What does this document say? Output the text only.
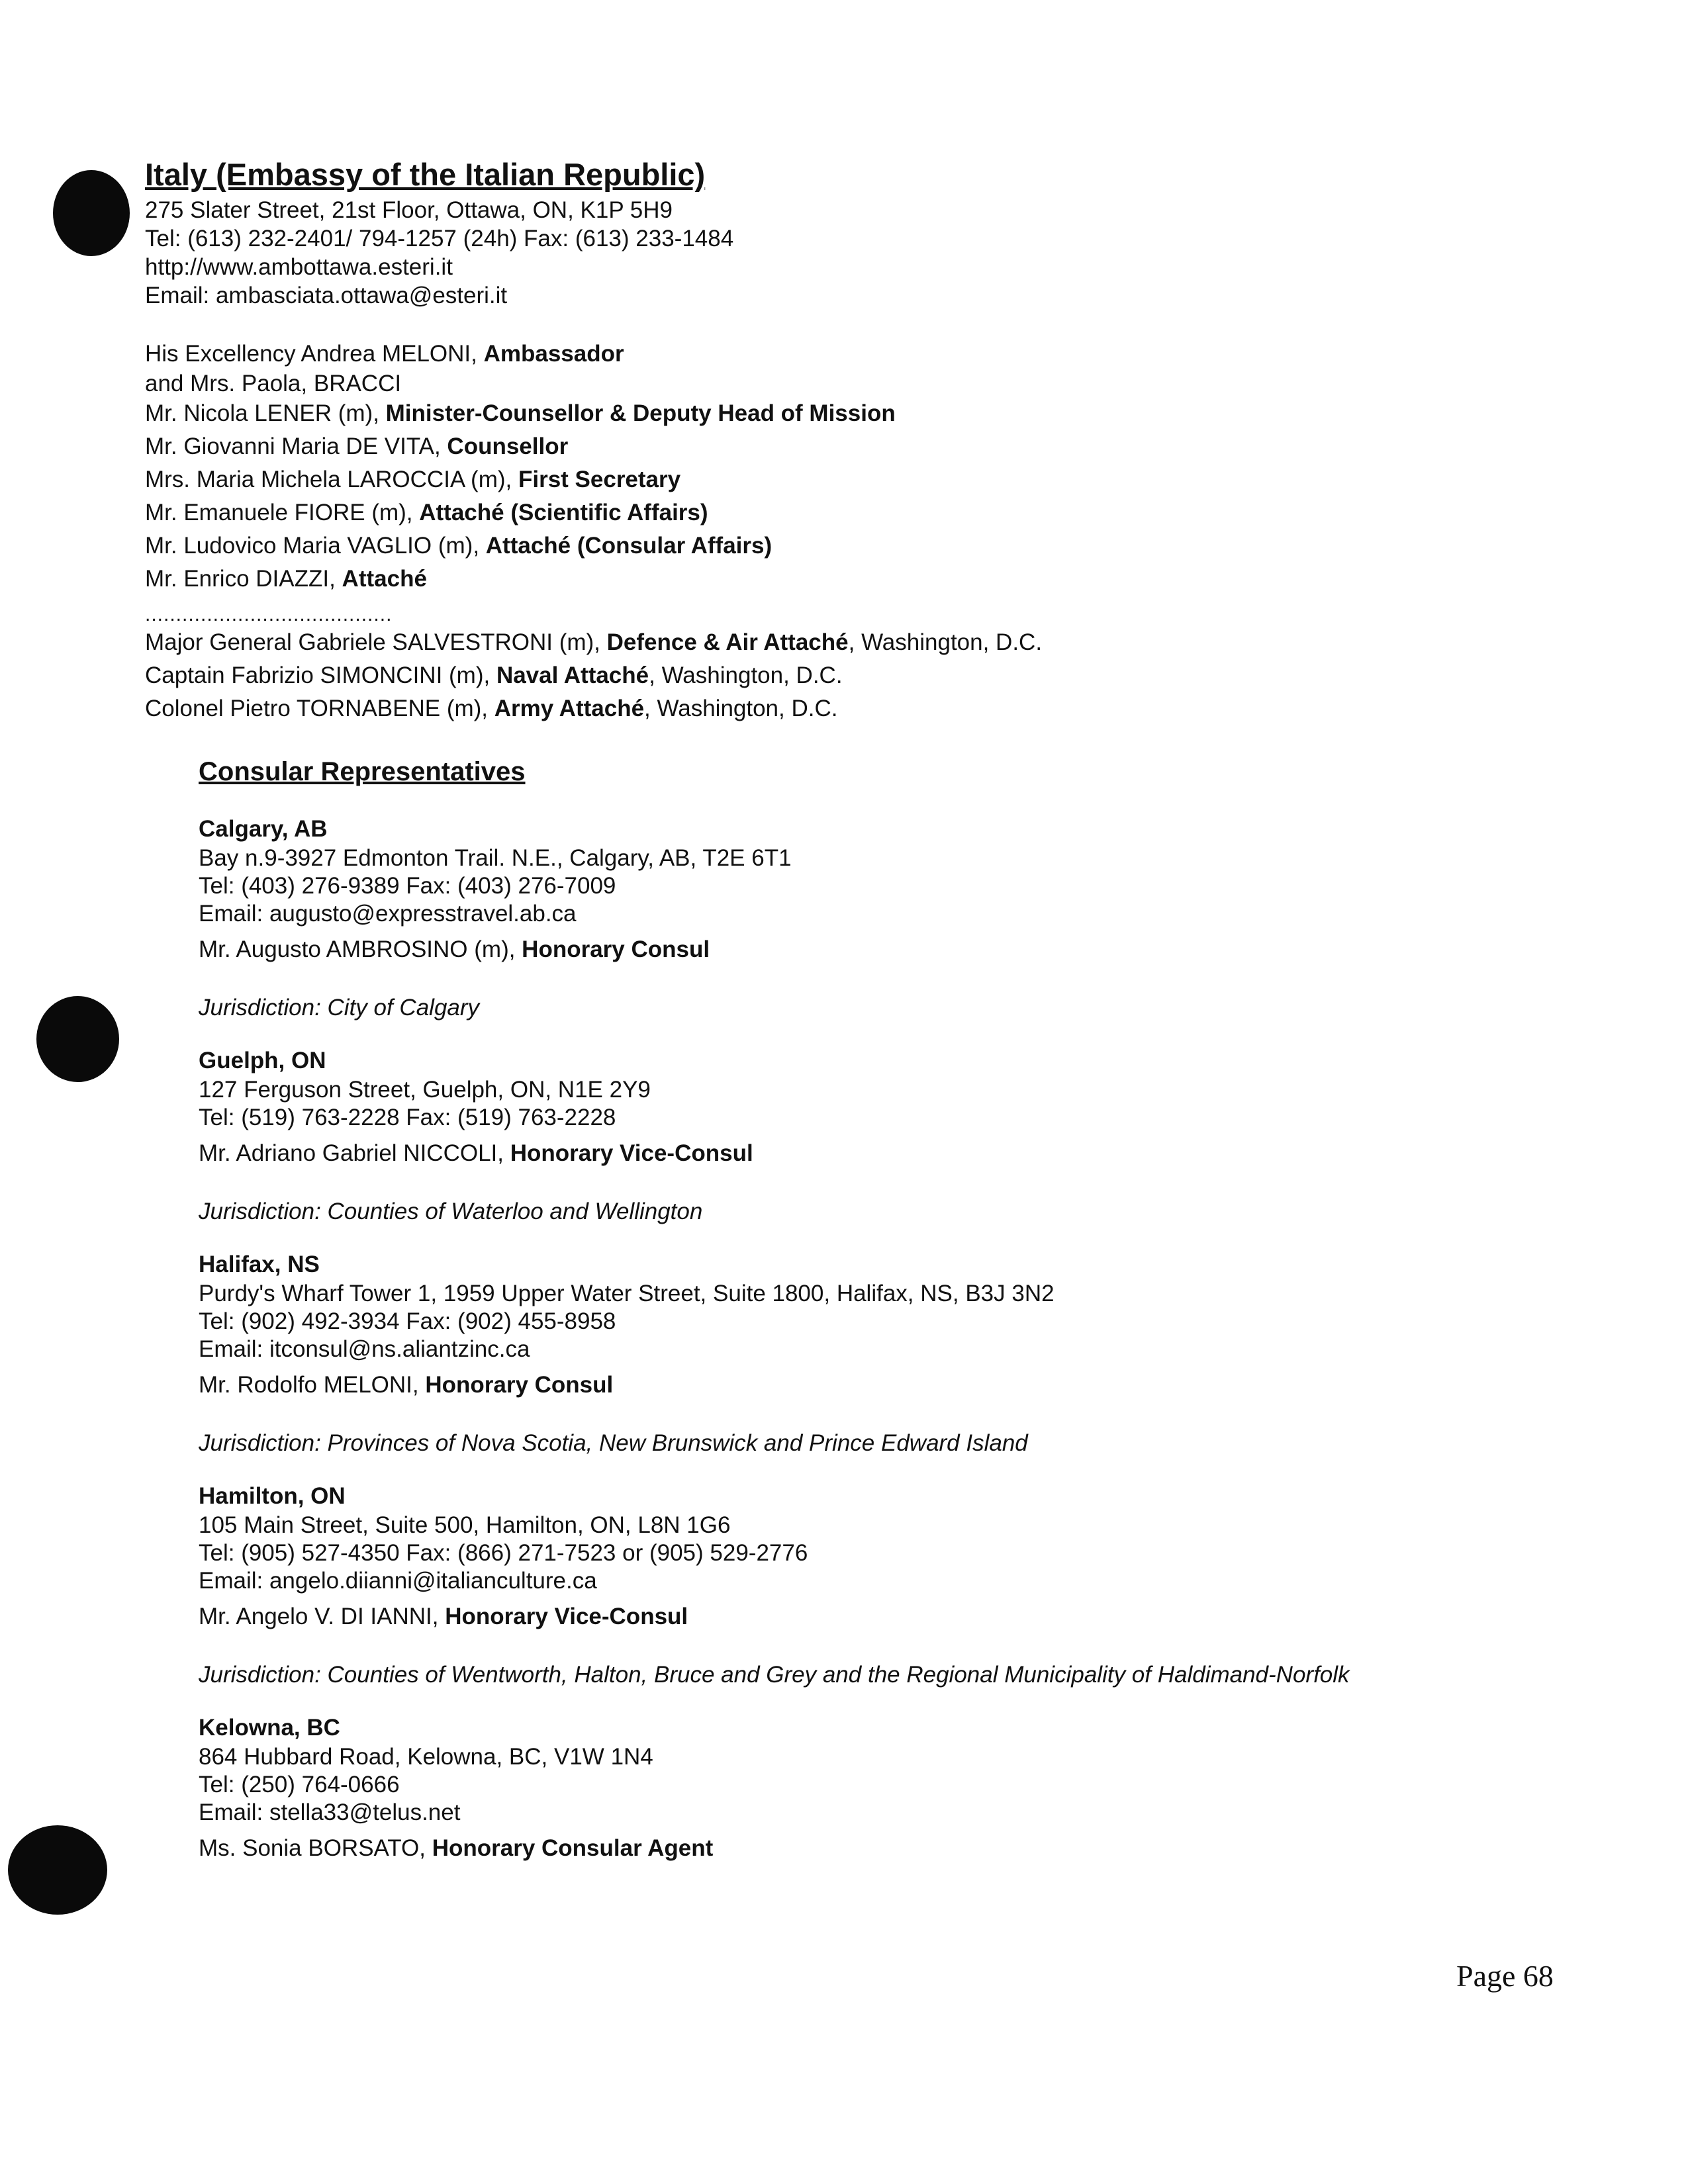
Italy (Embassy of the Italian Republic)
275 Slater Street, 21st Floor, Ottawa, ON, K1P 5H9
Tel: (613) 232-2401/ 794-1257 (24h) Fax: (613) 233-1484
http://www.ambottawa.esteri.it
Email: ambasciata.ottawa@esteri.it
His Excellency Andrea MELONI, Ambassador
and Mrs. Paola, BRACCI
Mr. Nicola LENER (m), Minister-Counsellor & Deputy Head of Mission
Mr. Giovanni Maria DE VITA, Counsellor
Mrs. Maria Michela LAROCCIA (m), First Secretary
Mr. Emanuele FIORE (m), Attaché (Scientific Affairs)
Mr. Ludovico Maria VAGLIO (m), Attaché (Consular Affairs)
Mr. Enrico DIAZZI, Attaché
........................................
Major General Gabriele SALVESTRONI (m), Defence & Air Attaché, Washington, D.C.
Captain Fabrizio SIMONCINI (m), Naval Attaché, Washington, D.C.
Colonel Pietro TORNABENE (m), Army Attaché, Washington, D.C.
Consular Representatives
Calgary, AB
Bay n.9-3927 Edmonton Trail. N.E., Calgary, AB, T2E 6T1
Tel: (403) 276-9389 Fax: (403) 276-7009
Email: augusto@expresstravel.ab.ca
Mr. Augusto AMBROSINO (m), Honorary Consul
Jurisdiction: City of Calgary
Guelph, ON
127 Ferguson Street, Guelph, ON, N1E 2Y9
Tel: (519) 763-2228 Fax: (519) 763-2228
Mr. Adriano Gabriel NICCOLI, Honorary Vice-Consul
Jurisdiction: Counties of Waterloo and Wellington
Halifax, NS
Purdy's Wharf Tower 1, 1959 Upper Water Street, Suite 1800, Halifax, NS, B3J 3N2
Tel: (902) 492-3934 Fax: (902) 455-8958
Email: itconsul@ns.aliantzinc.ca
Mr. Rodolfo MELONI, Honorary Consul
Jurisdiction: Provinces of Nova Scotia, New Brunswick and Prince Edward Island
Hamilton, ON
105 Main Street, Suite 500, Hamilton, ON, L8N 1G6
Tel: (905) 527-4350 Fax: (866) 271-7523 or (905) 529-2776
Email: angelo.diianni@italianculture.ca
Mr. Angelo V. DI IANNI, Honorary Vice-Consul
Jurisdiction: Counties of Wentworth, Halton, Bruce and Grey and the Regional Municipality of Haldimand-Norfolk
Kelowna, BC
864 Hubbard Road, Kelowna, BC, V1W 1N4
Tel: (250) 764-0666
Email: stella33@telus.net
Ms. Sonia BORSATO, Honorary Consular Agent
Page 68
